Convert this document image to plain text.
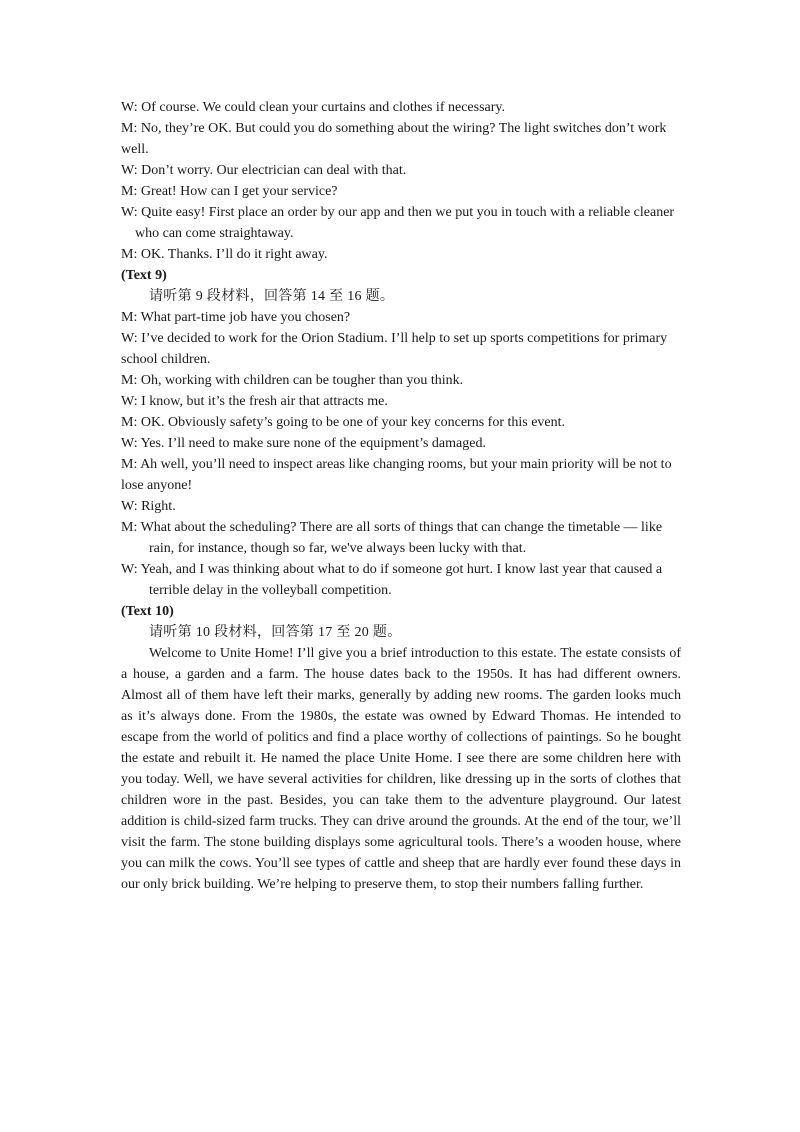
W: Of course. We could clean your curtains and clothes if necessary.
M: No, they’re OK. But could you do something about the wiring? The light switches don’t work
well.
W: Don’t worry. Our electrician can deal with that.
M: Great! How can I get your service?
W: Quite easy! First place an order by our app and then we put you in touch with a reliable cleaner
who can come straightaway.
M: OK. Thanks. I’ll do it right away.
(Text 9)
请听第 9 段材料，回答第 14 至 16 题。
M: What part-time job have you chosen?
W: I’ve decided to work for the Orion Stadium. I’ll help to set up sports competitions for primary
school children.
M: Oh, working with children can be tougher than you think.
W: I know, but it’s the fresh air that attracts me.
M: OK. Obviously safety’s going to be one of your key concerns for this event.
W: Yes. I’ll need to make sure none of the equipment’s damaged.
M: Ah well, you’ll need to inspect areas like changing rooms, but your main priority will be not to
lose anyone!
W: Right.
M: What about the scheduling? There are all sorts of things that can change the timetable — like
rain, for instance, though so far, we've always been lucky with that.
W: Yeah, and I was thinking about what to do if someone got hurt. I know last year that caused a
terrible delay in the volleyball competition.
(Text 10)
请听第 10 段材料，回答第 17 至 20 题。
Welcome to Unite Home! I’ll give you a brief introduction to this estate. The estate consists of a house, a garden and a farm. The house dates back to the 1950s. It has had different owners. Almost all of them have left their marks, generally by adding new rooms. The garden looks much as it’s always done. From the 1980s, the estate was owned by Edward Thomas. He intended to escape from the world of politics and find a place worthy of collections of paintings. So he bought the estate and rebuilt it. He named the place Unite Home. I see there are some children here with you today. Well, we have several activities for children, like dressing up in the sorts of clothes that children wore in the past. Besides, you can take them to the adventure playground. Our latest addition is child-sized farm trucks. They can drive around the grounds. At the end of the tour, we’ll visit the farm. The stone building displays some agricultural tools. There’s a wooden house, where you can milk the cows. You’ll see types of cattle and sheep that are hardly ever found these days in our only brick building. We’re helping to preserve them, to stop their numbers falling further.
